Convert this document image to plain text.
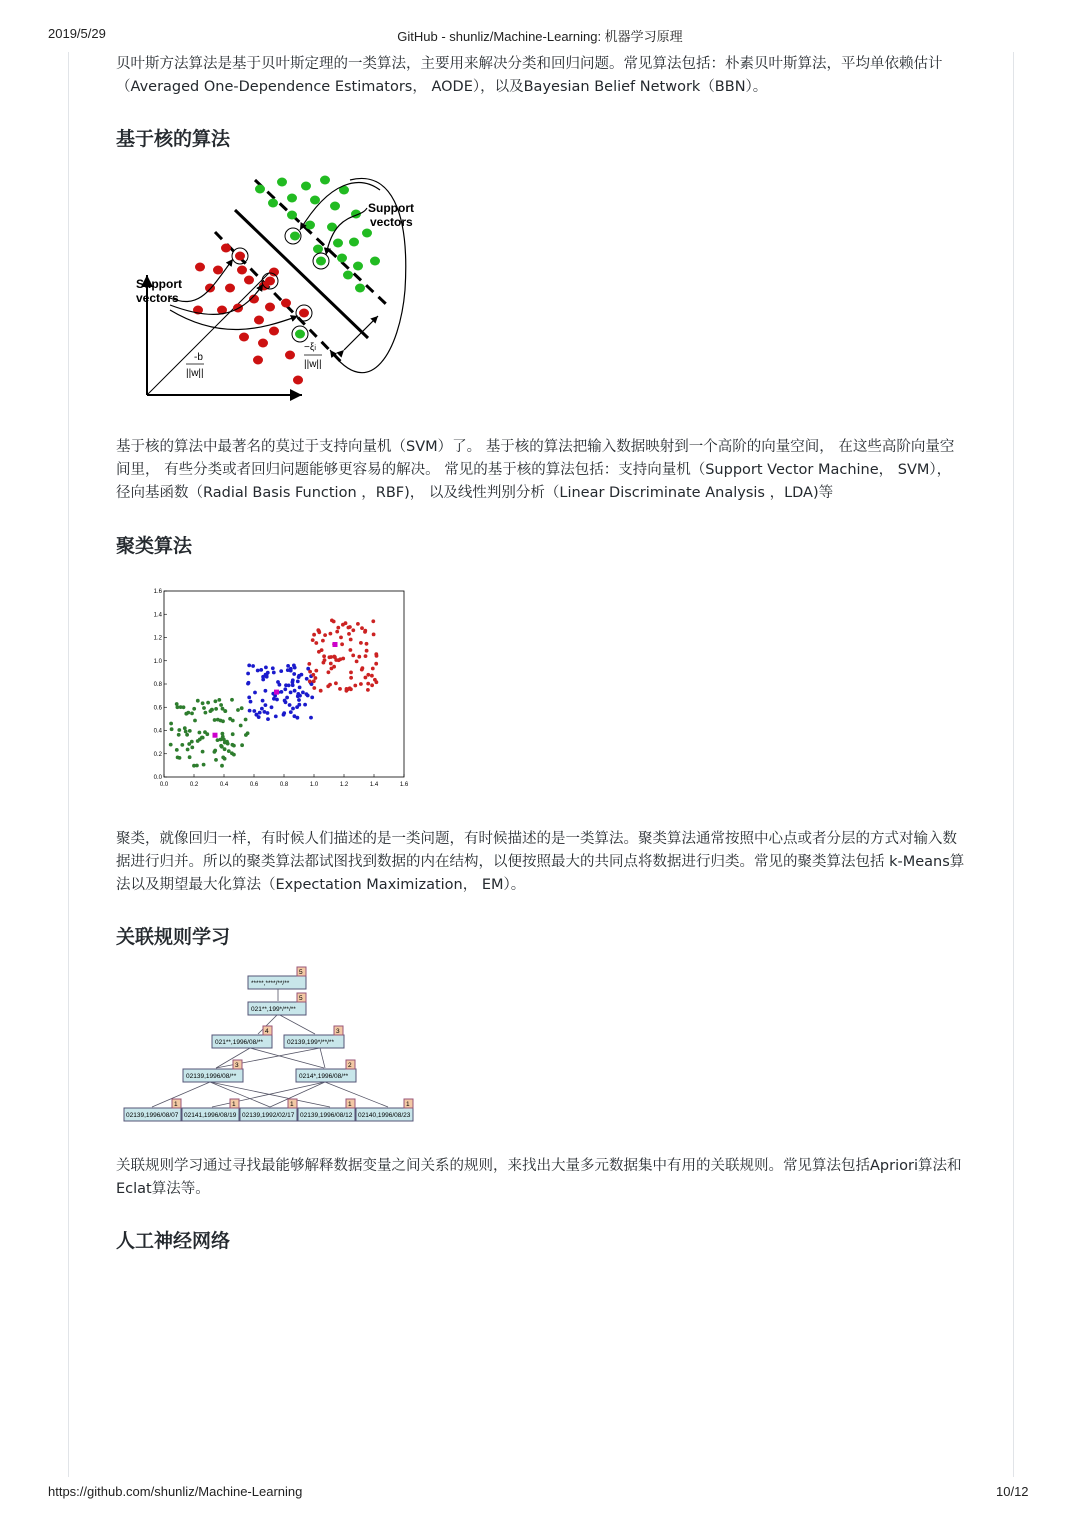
2019/5/29	GitHub - shunliz/Machine-Learning: 机器学习原理

贝叶斯方法算法是基于贝叶斯定理的一类算法，主要用来解决分类和回归问题。常见算法包括：朴素贝叶斯算法，平均单依赖估计（Averaged One-Dependence Estimators， AODE），以及Bayesian Belief Network（BBN）。

基于核的算法
Support
vectors
Support
vectors
-b
||w||
−ξi
||w||

基于核的算法中最著名的莫过于支持向量机（SVM）了。 基于核的算法把输入数据映射到一个高阶的向量空间， 在这些高阶向量空间里， 有些分类或者回归问题能够更容易的解决。 常见的基于核的算法包括：支持向量机（Support Vector Machine， SVM）， 径向基函数（Radial Basis Function ，RBF)， 以及线性判别分析（Linear Discriminate Analysis ，LDA)等

聚类算法
0.0	0.2	0.4	0.6	0.8	1.0	1.2	1.4	1.6
0.0
0.2
0.4
0.6
0.8
1.0
1.2
1.4
1.6

聚类，就像回归一样，有时候人们描述的是一类问题，有时候描述的是一类算法。聚类算法通常按照中心点或者分层的方式对输入数据进行归并。所以的聚类算法都试图找到数据的内在结构，以便按照最大的共同点将数据进行归类。常见的聚类算法包括 k-Means算法以及期望最大化算法（Expectation Maximization， EM）。

关联规则学习
*****,****/**/**
5
021**,199*/**/**
5
021**,1996/08/**
4
02139,199*/**/**
3
02139,1996/08/**
3
0214*,1996/08/**
2
02139,1996/08/07
1
02141,1996/08/19
1
02139,1992/02/17
1
02139,1996/08/12
1
02140,1996/08/23
1

关联规则学习通过寻找最能够解释数据变量之间关系的规则，来找出大量多元数据集中有用的关联规则。常见算法包括Apriori算法和Eclat算法等。

人工神经网络
https://github.com/shunliz/Machine-Learning	10/12
